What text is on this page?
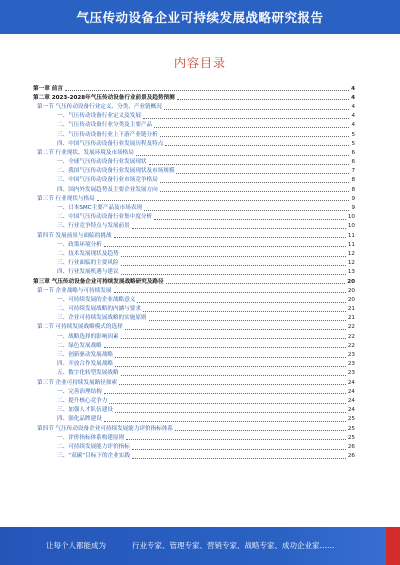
气压传动设备企业可持续发展战略研究报告
内容目录
第一章 前言	4
第二章 2023-2028年气压传动设备行业前景及趋势预测	4
第一节 气压传动设备行业定义、分类、产业链概况	4
一、气压传动设备行业定义及发展	4
二、气压传动设备行业分类及主要产品	4
三、气压传动设备行业上下游产业链分析	5
四、中国气压传动设备行业发展历程及特点	5
第二节 行业现状、发展环境及市场格局	6
一、全球气压传动设备行业发展现状	6
二、我国气压传动设备行业发展现状及市场规模	7
三、中国气压传动设备行业市场竞争格局	8
四、国内外发展趋势及主要企业发展方向	8
第三节 行业现状与格局	9
一、日本SMC主要产品及市场表现	9
二、中国气压传动设备行业集中度分析	10
三、行业竞争特点与发展前景	10
第四节 发展前景与面临的挑战	11
一、政策环境分析	11
二、技术发展现状及趋势	12
三、行业面临的主要风险	12
四、行业发展机遇与建议	13
第三章 气压传动设备企业可持续发展战略研究及路径	20
第一节 企业战略与可持续发展	20
一、可持续发展的企业战略意义	20
二、可持续发展战略的内涵与要求	21
三、企业可持续发展战略的实施原则	21
第二节 可持续发展战略模式的选择	22
一、战略选择的影响因素	22
二、绿色发展战略	22
三、创新驱动发展战略	23
四、开放合作发展战略	23
五、数字化转型发展战略	23
第三节 企业可持续发展路径探索	24
一、完善治理结构	24
二、提升核心竞争力	24
三、加强人才队伍建设	24
四、强化品牌建设	25
第四节 气压传动设备企业可持续发展能力评价指标体系	25
一、评价指标体系构建原则	25
二、可持续发展能力评价指标	26
三、“双碳”目标下的企业实践	26
让每个人都能成为	行业专家、管理专家、营销专家、战略专家、成功企业家……
